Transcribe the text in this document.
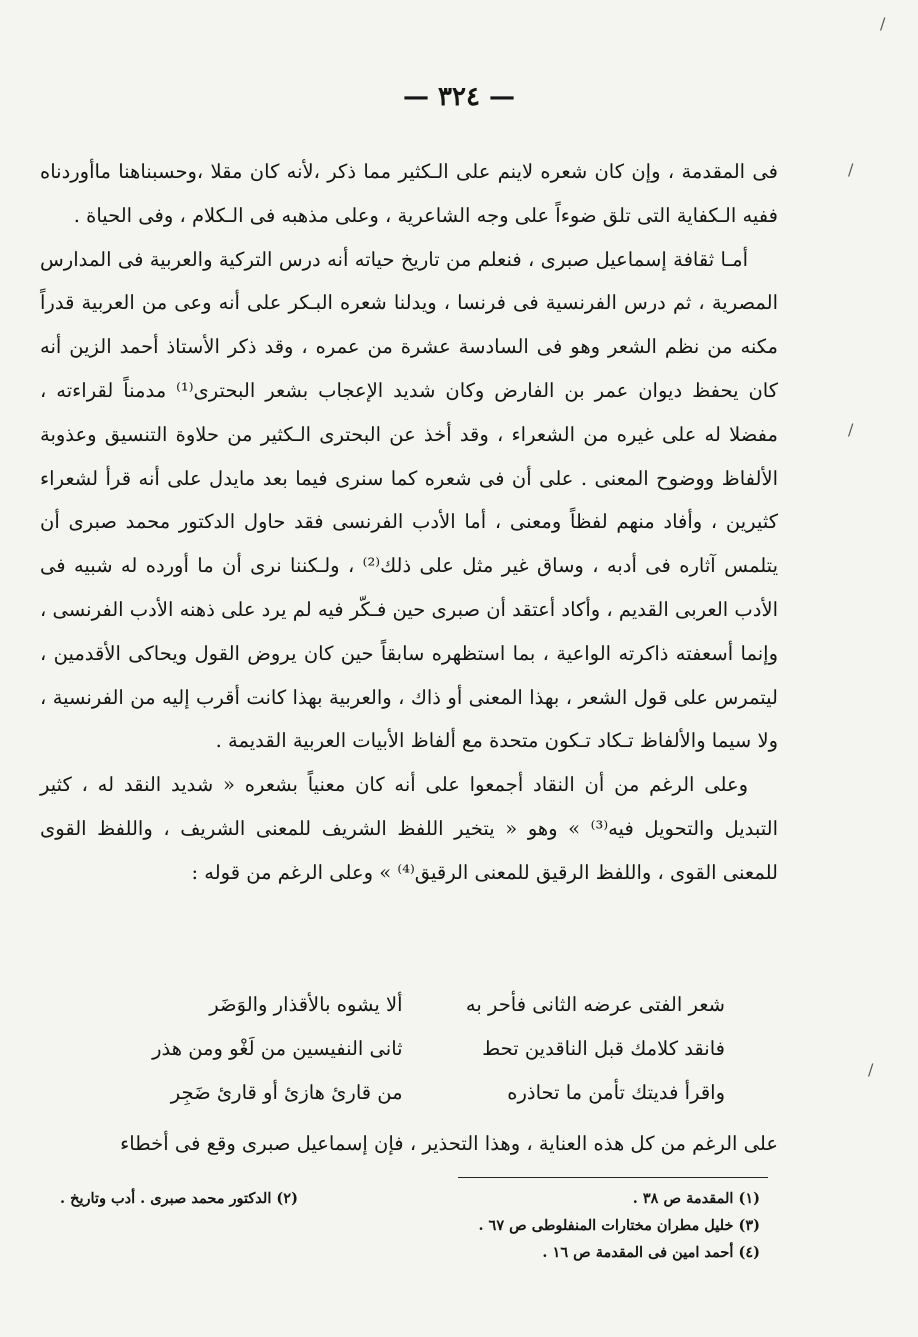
— ٣٢٤ —

فى المقدمة ، وإن كان شعره لاينم على الـكثير مما ذكر ،لأنه كان مقلا ،وحسبناهنا ماأوردناه ففيه الـكفاية التى تلق ضوءاً على وجه الشاعرية ، وعلى مذهبه فى الـكلام ، وفى الحياة .

أمـا ثقافة إسماعيل صبرى ، فنعلم من تاريخ حياته أنه درس التركية والعربية فى المدارس المصرية ، ثم درس الفرنسية فى فرنسا ، ويدلنا شعره البـكر على أنه وعى من العربية قدراً مكنه من نظم الشعر وهو فى السادسة عشرة من عمره ، وقد ذكر الأستاذ أحمد الزين أنه كان يحفظ ديوان عمر بن الفارض وكان شديد الإعجاب بشعر البحترى⁽¹⁾ مدمناً لقراءته ، مفضلا له على غيره من الشعراء ، وقد أخذ عن البحترى الـكثير من حلاوة التنسيق وعذوبة الألفاظ ووضوح المعنى . على أن فى شعره كما سنرى فيما بعد مايدل على أنه قرأ لشعراء كثيرين ، وأفاد منهم لفظاً ومعنى ، أما الأدب الفرنسى فقد حاول الدكتور محمد صبرى أن يتلمس آثاره فى أدبه ، وساق غير مثل على ذلك⁽²⁾ ، ولـكننا نرى أن ما أورده له شبيه فى الأدب العربى القديم ، وأكاد أعتقد أن صبرى حين فـكّر فيه لم يرد على ذهنه الأدب الفرنسى ، وإنما أسعفته ذاكرته الواعية ، بما استظهره سابقاً حين كان يروض القول ويحاكى الأقدمين ، ليتمرس على قول الشعر ، بهذا المعنى أو ذاك ، والعربية بهذا كانت أقرب إليه من الفرنسية ، ولا سيما والألفاظ تـكاد تـكون متحدة مع ألفاظ الأبيات العربية القديمة .

وعلى الرغم من أن النقاد أجمعوا على أنه كان معنياً بشعره « شديد النقد له ، كثير التبديل والتحويل فيه⁽³⁾ » وهو « يتخير اللفظ الشريف للمعنى الشريف ، واللفظ القوى للمعنى القوى ، واللفظ الرقيق للمعنى الرقيق⁽⁴⁾ » وعلى الرغم من قوله :

شعر الفتى عرضه الثانى فأحر به
ألا يشوه بالأقذار والوَضَر
فانقد كلامك قبل الناقدين تحط
ثانى النفيسين من لَغْو ومن هذر
واقرأ فديتك تأمن ما تحاذره
من قارئ هازئ أو قارئ ضَجِر
على الرغم من كل هذه العناية ، وهذا التحذير ، فإن إسماعيل صبرى وقع فى أخطاء
(١) المقدمة ص ٣٨ .
(٢) الدكتور محمد صبرى . أدب وتاريخ .
(٣) خليل مطران مختارات المنفلوطى ص ٦٧ .
(٤) أحمد امين فى المقدمة ص ١٦ .
/
/
/
/
